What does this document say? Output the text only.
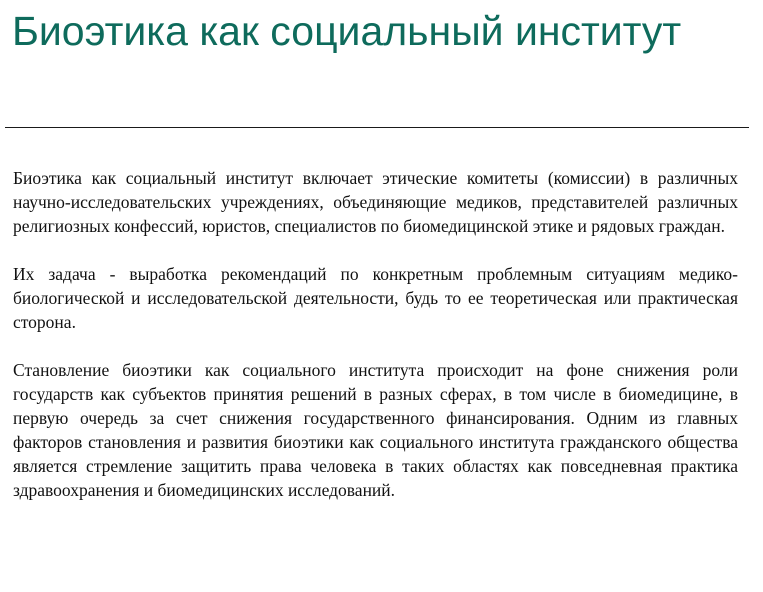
Биоэтика как социальный институт

Биоэтика как социальный институт включает этические комитеты (комиссии) в различных научно-исследовательских учреждениях, объединяющие медиков, представителей различных религиозных конфессий, юристов, специалистов по биомедицинской этике и рядовых граждан.

Их задача - выработка рекомендаций по конкретным проблемным ситуациям медико-биологической и исследовательской деятельности, будь то ее теоретическая или практическая сторона.

Становление биоэтики как социального института происходит на фоне снижения роли государств как субъектов принятия решений в разных сферах, в том числе в биомедицине, в первую очередь за счет снижения государственного финансирования. Одним из главных факторов становления и развития биоэтики как социального института гражданского общества является стремление защитить права человека в таких областях как повседневная практика здравоохранения и биомедицинских исследований.
